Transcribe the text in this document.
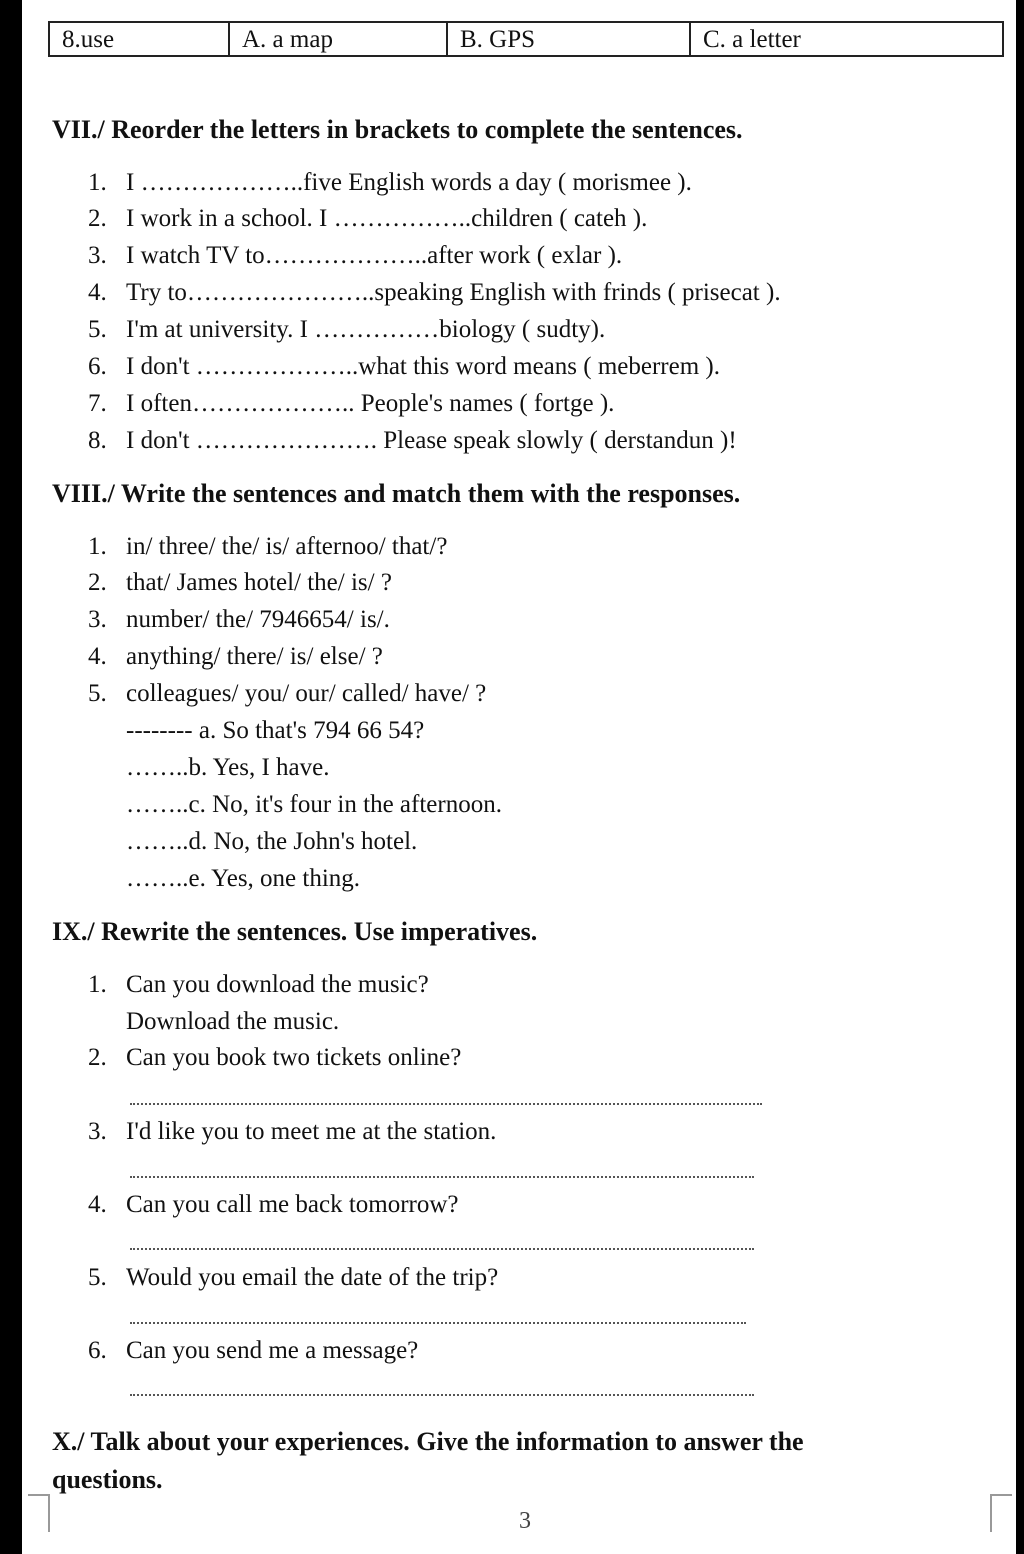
8.use	A. a map	B. GPS	C. a letter
VII./ Reorder the letters in brackets to complete the sentences.
1. I ………………..five English words a day ( morismee ).
2. I work in a school. I ……………..children ( cateh ).
3. I watch TV to………………..after work ( exlar ).
4. Try to…………………..speaking English with frinds ( prisecat ).
5. I'm at university. I ……………biology ( sudty).
6. I don't ………………..what this word means ( meberrem ).
7. I often……………….. People's names ( fortge ).
8. I don't …………………. Please speak slowly ( derstandun )!
VIII./ Write the sentences and match them with the responses.
1. in/ three/ the/ is/ afternoo/ that/?
2. that/ James hotel/ the/ is/ ?
3. number/ the/ 7946654/ is/.
4. anything/ there/ is/ else/ ?
5. colleagues/ you/ our/ called/ have/ ?
-------- a. So that's 794 66 54?
……..b. Yes, I have.
……..c. No, it's four in the afternoon.
……..d. No, the John's hotel.
……..e. Yes, one thing.
IX./ Rewrite the sentences. Use imperatives.
1. Can you download the music?
Download the music.
2. Can you book two tickets online?
3. I'd like you to meet me at the station.
4. Can you call me back tomorrow?
5. Would you email the date of the trip?
6. Can you send me a message?
X./ Talk about your experiences. Give the information to answer the
questions.
3
